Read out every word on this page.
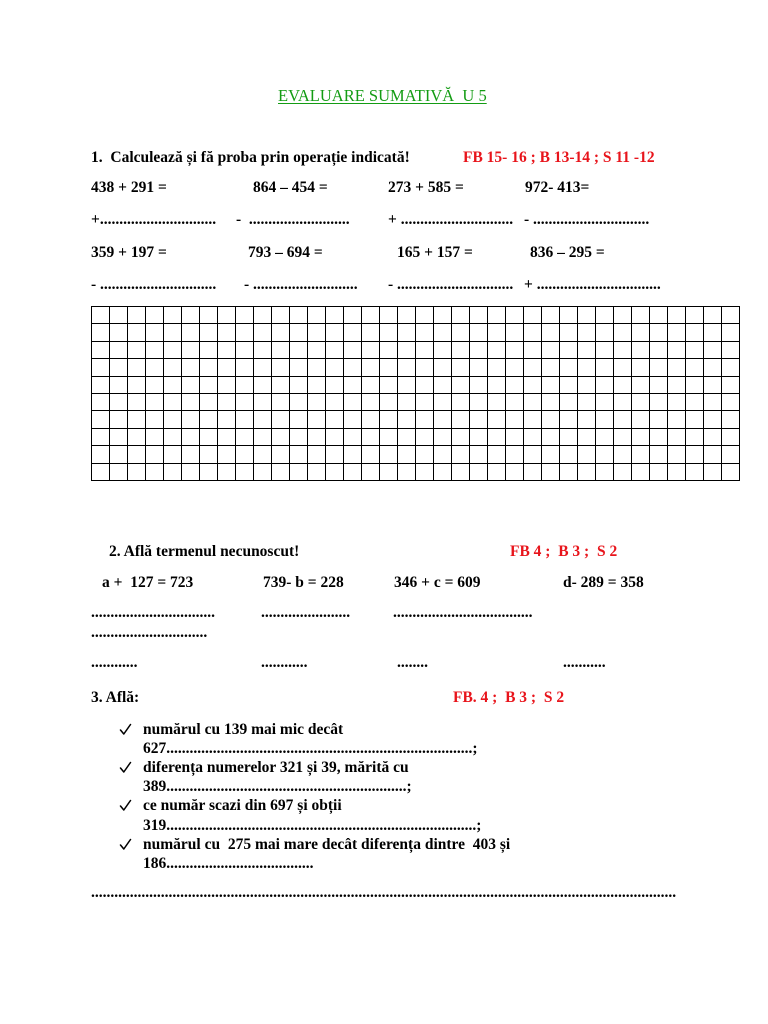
EVALUARE SUMATIVĂ  U 5
1.  Calculează și fă proba prin operație indicată!	FB 15- 16 ; B 13-14 ; S 11 -12
438 + 291 =	864 – 454 =	273 + 585 =	972- 413=
+.............................. -  .......................... + ............................. - ..............................
359 + 197 =	793 – 694 =	165 + 157 =	836 – 295 =
- .............................. - ........................... - .............................. + ................................
2. Află termenul necunoscut!	FB 4 ;  B 3 ;  S 2
a +  127 = 723	739- b = 228	346 + c = 609	d- 289 = 358
................................	.......................	....................................
..............................
............	............	........	...........
3. Află:	FB. 4 ;  B 3 ;  S 2
numărul cu 139 mai mic decât
627...............................................................................;
diferența numerelor 321 și 39, mărită cu
389..............................................................;
ce număr scazi din 697 și obții
319................................................................................;
numărul cu  275 mai mare decât diferența dintre  403 și
186......................................
.......................................................................................................................................................
